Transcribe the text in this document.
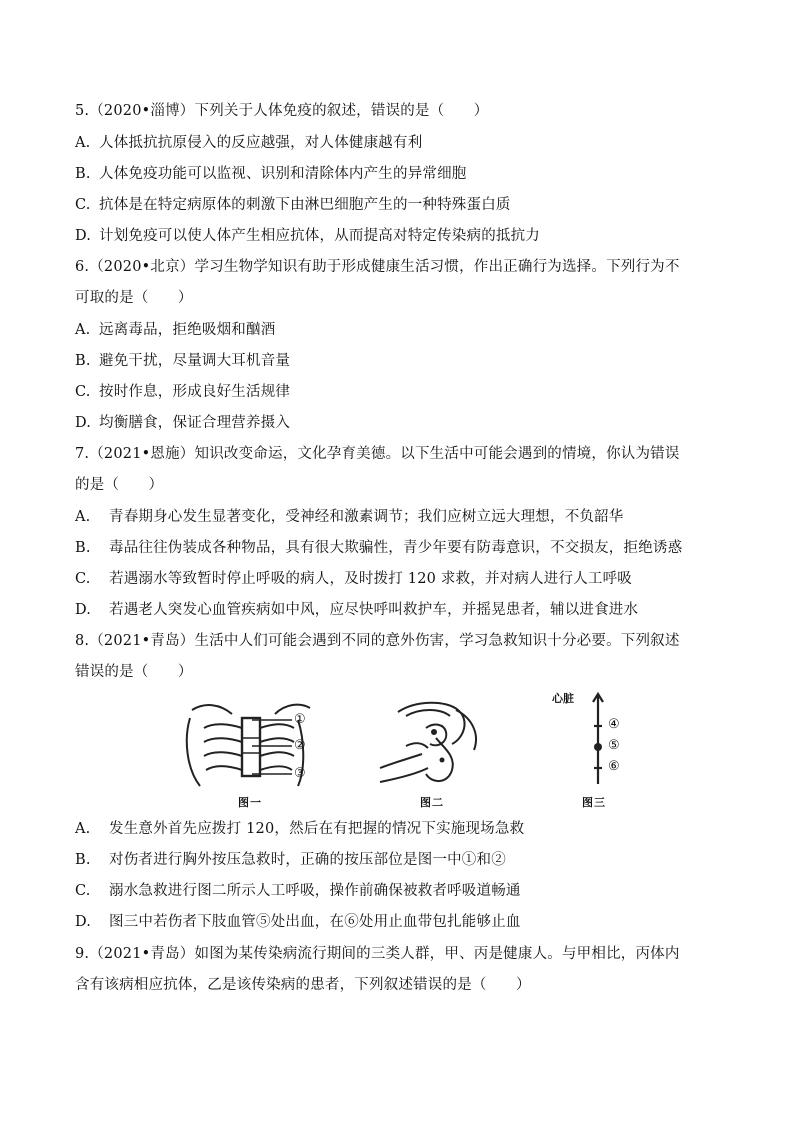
5.（2020•淄博）下列关于人体免疫的叙述，错误的是（　　）
A. 人体抵抗抗原侵入的反应越强，对人体健康越有利
B. 人体免疫功能可以监视、识别和清除体内产生的异常细胞
C. 抗体是在特定病原体的刺激下由淋巴细胞产生的一种特殊蛋白质
D. 计划免疫可以使人体产生相应抗体，从而提高对特定传染病的抵抗力
6.（2020•北京）学习生物学知识有助于形成健康生活习惯，作出正确行为选择。下列行为不
可取的是（　　）
A. 远离毒品，拒绝吸烟和酗酒
B. 避免干扰，尽量调大耳机音量
C. 按时作息，形成良好生活规律
D. 均衡膳食，保证合理营养摄入
7.（2021•恩施）知识改变命运，文化孕育美德。以下生活中可能会遇到的情境，你认为错误
的是（　　）
A. 青春期身心发生显著变化，受神经和激素调节；我们应树立远大理想，不负韶华
B. 毒品往往伪装成各种物品，具有很大欺骗性，青少年要有防毒意识，不交损友，拒绝诱惑
C. 若遇溺水等致暂时停止呼吸的病人，及时拨打 120 求救，并对病人进行人工呼吸
D. 若遇老人突发心血管疾病如中风，应尽快呼叫救护车，并摇晃患者，辅以进食进水
8.（2021•青岛）生活中人们可能会遇到不同的意外伤害，学习急救知识十分必要。下列叙述
错误的是（　　）
图一
①
②
③
图二
心脏
④
⑤
⑥
图三
A. 发生意外首先应拨打 120，然后在有把握的情况下实施现场急救
B. 对伤者进行胸外按压急救时，正确的按压部位是图一中①和②
C. 溺水急救进行图二所示人工呼吸，操作前确保被救者呼吸道畅通
D. 图三中若伤者下肢血管⑤处出血，在⑥处用止血带包扎能够止血
9.（2021•青岛）如图为某传染病流行期间的三类人群，甲、丙是健康人。与甲相比，丙体内
含有该病相应抗体，乙是该传染病的患者，下列叙述错误的是（　　）
